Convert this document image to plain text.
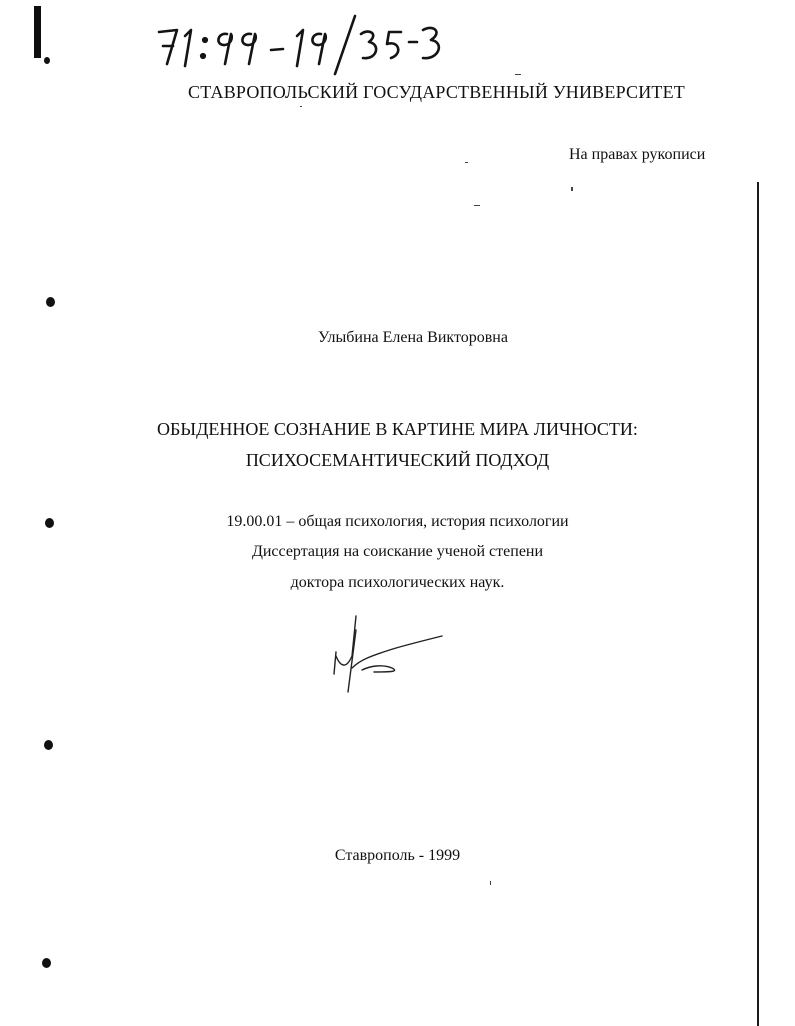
СТАВРОПОЛЬСКИЙ ГОСУДАРСТВЕННЫЙ УНИВЕРСИТЕТ
На правах рукописи
Улыбина Елена Викторовна
ОБЫДЕННОЕ СОЗНАНИЕ В КАРТИНЕ МИРА ЛИЧНОСТИ:
ПСИХОСЕМАНТИЧЕСКИЙ ПОДХОД
19.00.01 – общая психология, история психологии
Диссертация на соискание ученой степени
доктора психологических наук.
Ставрополь - 1999
